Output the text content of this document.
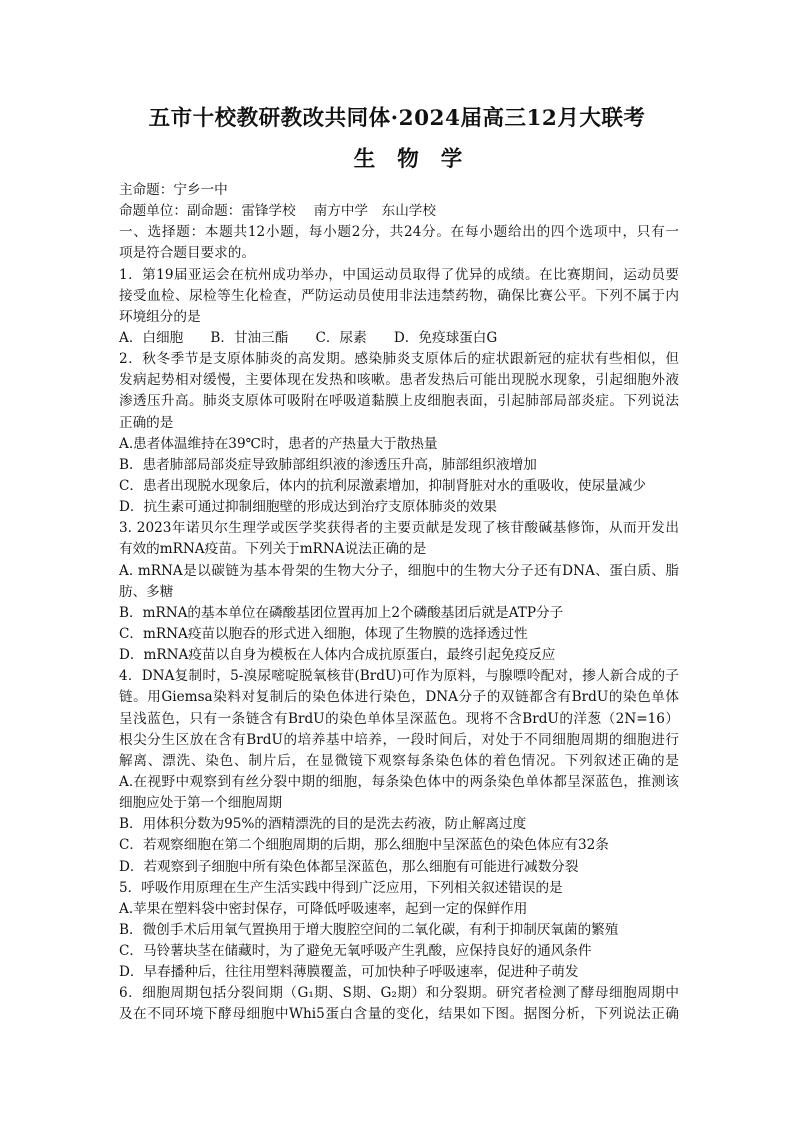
五市十校教研教改共同体·2024届高三12月大联考
生物学
主命题：宁乡一中
命题单位：副命题：雷锋学校　 南方中学　东山学校
一、选择题：本题共12小题，每小题2分，共24分。在每小题给出的四个选项中，只有一
项是符合题目要求的。
1．第19届亚运会在杭州成功举办，中国运动员取得了优异的成绩。在比赛期间，运动员要
接受血检、尿检等生化检查，严防运动员使用非法违禁药物，确保比赛公平。下列不属于内
环境组分的是
A．白细胞　　B．甘油三酯　　C．尿素　　D．免疫球蛋白G
2．秋冬季节是支原体肺炎的高发期。感染肺炎支原体后的症状跟新冠的症状有些相似，但
发病起势相对缓慢，主要体现在发热和咳嗽。患者发热后可能出现脱水现象，引起细胞外液
渗透压升高。肺炎支原体可吸附在呼吸道黏膜上皮细胞表面，引起肺部局部炎症。下列说法
正确的是
A.患者体温维持在39℃时，患者的产热量大于散热量
B．患者肺部局部炎症导致肺部组织液的渗透压升高，肺部组织液增加
C．患者出现脱水现象后，体内的抗利尿激素增加，抑制肾脏对水的重吸收，使尿量减少
D．抗生素可通过抑制细胞壁的形成达到治疗支原体肺炎的效果
3. 2023年诺贝尔生理学或医学奖获得者的主要贡献是发现了核苷酸碱基修饰，从而开发出
有效的mRNA疫苗。下列关于mRNA说法正确的是
A. mRNA是以碳链为基本骨架的生物大分子，细胞中的生物大分子还有DNA、蛋白质、脂
肪、多糖
B．mRNA的基本单位在磷酸基团位置再加上2个磷酸基团后就是ATP分子
C．mRNA疫苗以胞吞的形式进入细胞，体现了生物膜的选择透过性
D．mRNA疫苗以自身为模板在人体内合成抗原蛋白，最终引起免疫反应
4．DNA复制时，5-溴尿嘧啶脱氧核苷(BrdU)可作为原料，与腺嘌呤配对，掺人新合成的子
链。用Giemsa染料对复制后的染色体进行染色，DNA分子的双链都含有BrdU的染色单体
呈浅蓝色，只有一条链含有BrdU的染色单体呈深蓝色。现将不含BrdU的洋葱（2N=16）
根尖分生区放在含有BrdU的培养基中培养，一段时间后，对处于不同细胞周期的细胞进行
解离、漂洗、染色、制片后，在显微镜下观察每条染色体的着色情况。下列叙述正确的是
A.在视野中观察到有丝分裂中期的细胞，每条染色体中的两条染色单体都呈深蓝色，推测该
细胞应处于第一个细胞周期
B．用体积分数为95%的酒精漂洗的目的是洗去药液，防止解离过度
C．若观察细胞在第二个细胞周期的后期，那么细胞中呈深蓝色的染色体应有32条
D．若观察到子细胞中所有染色体都呈深蓝色，那么细胞有可能进行减数分裂
5．呼吸作用原理在生产生活实践中得到广泛应用，下列相关叙述错误的是
A.苹果在塑料袋中密封保存，可降低呼吸速率，起到一定的保鲜作用
B．微创手术后用氧气置换用于增大腹腔空间的二氧化碳，有利于抑制厌氧菌的繁殖
C．马铃薯块茎在储藏时，为了避免无氧呼吸产生乳酸，应保持良好的通风条件
D．早春播种后，往往用塑料薄膜覆盖，可加快种子呼吸速率，促进种子萌发
6．细胞周期包括分裂间期（G₁期、S期、G₂期）和分裂期。研究者检测了酵母细胞周期中
及在不同环境下酵母细胞中Whi5蛋白含量的变化，结果如下图。据图分析，下列说法正确
